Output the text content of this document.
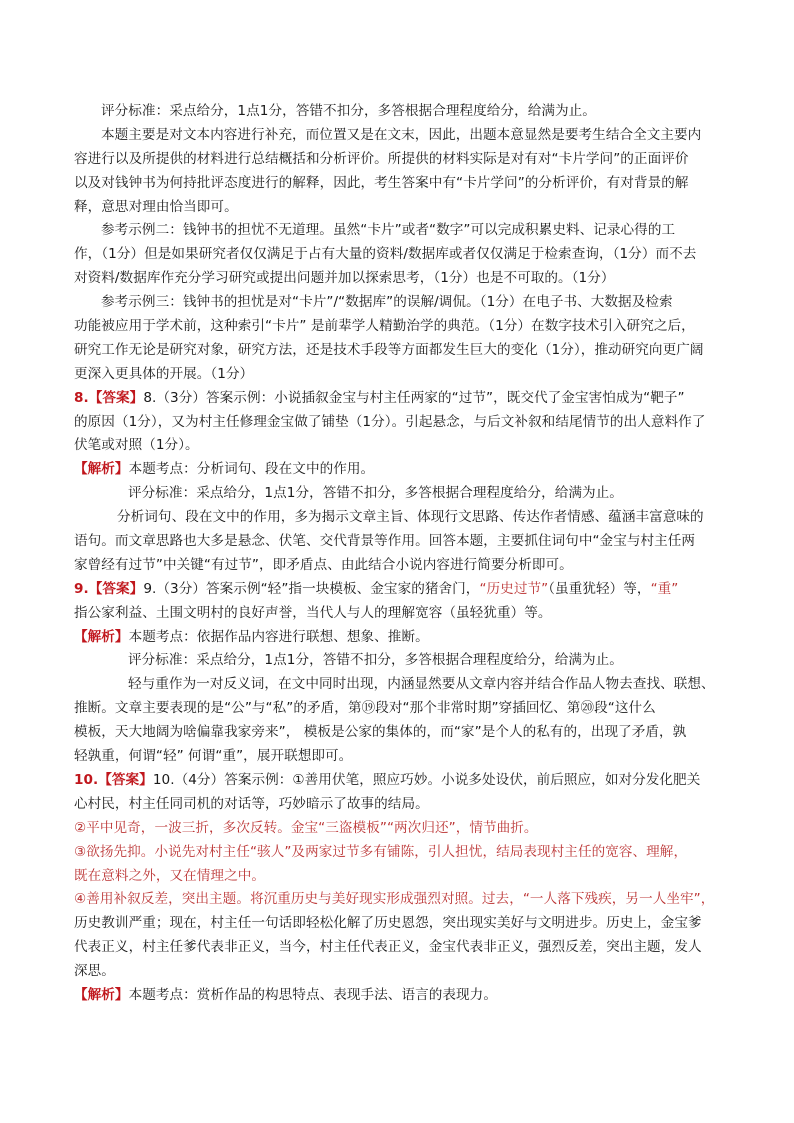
评分标准：采点给分，1点1分，答错不扣分，多答根据合理程度给分，给满为止。
本题主要是对文本内容进行补充，而位置又是在文末，因此，出题本意显然是要考生结合全文主要内
容进行以及所提供的材料进行总结概括和分析评价。所提供的材料实际是对有对“卡片学问”的正面评价
以及对钱钟书为何持批评态度进行的解释，因此，考生答案中有“卡片学问”的分析评价，有对背景的解
释，意思对理由恰当即可。
参考示例二：钱钟书的担忧不无道理。虽然“卡片”或者“数字”可以完成积累史料、记录心得的工
作，（1分）但是如果研究者仅仅满足于占有大量的资料/数据库或者仅仅满足于检索查询，（1分）而不去
对资料/数据库作充分学习研究或提出问题并加以探索思考，（1分）也是不可取的。（1分）
参考示例三：钱钟书的担忧是对“卡片”/“数据库”的误解/调侃。（1分）在电子书、大数据及检索
功能被应用于学术前，这种索引“卡片” 是前辈学人精勤治学的典范。（1分）在数字技术引入研究之后，
研究工作无论是研究对象，研究方法，还是技术手段等方面都发生巨大的变化（1分），推动研究向更广阔
更深入更具体的开展。（1分）
8.【答案】8.（3分）答案示例：小说插叙金宝与村主任两家的“过节”，既交代了金宝害怕成为“靶子”
的原因（1分），又为村主任修理金宝做了铺垫（1分）。引起悬念，与后文补叙和结尾情节的出人意料作了
伏笔或对照（1分）。
【解析】本题考点：分析词句、段在文中的作用。
评分标准：采点给分，1点1分，答错不扣分，多答根据合理程度给分，给满为止。
分析词句、段在文中的作用，多为揭示文章主旨、体现行文思路、传达作者情感、蕴涵丰富意味的
语句。而文章思路也大多是悬念、伏笔、交代背景等作用。回答本题，主要抓住词句中“金宝与村主任两
家曾经有过节”中关键“有过节”，即矛盾点、由此结合小说内容进行简要分析即可。
9.【答案】9.（3分）答案示例“轻”指一块模板、金宝家的猪舍门，“历史过节”（虽重犹轻）等，“重”
指公家利益、土围文明村的良好声誉，当代人与人的理解宽容（虽轻犹重）等。
【解析】本题考点：依据作品内容进行联想、想象、推断。
评分标准：采点给分，1点1分，答错不扣分，多答根据合理程度给分，给满为止。
轻与重作为一对反义词，在文中同时出现，内涵显然要从文章内容并结合作品人物去查找、联想、
推断。文章主要表现的是“公”与“私”的矛盾，第⑲段对“那个非常时期”穿插回忆、第⑳段“这什么
模板，天大地阔为啥偏靠我家旁来”， 模板是公家的集体的，而“家”是个人的私有的，出现了矛盾，孰
轻孰重，何谓“轻” 何谓“重”，展开联想即可。
10.【答案】10.（4分）答案示例：①善用伏笔，照应巧妙。小说多处设伏，前后照应，如对分发化肥关
心村民，村主任同司机的对话等，巧妙暗示了故事的结局。
②平中见奇，一波三折，多次反转。金宝“三盗模板”“两次归还”，情节曲折。
③欲扬先抑。小说先对村主任“骇人”及两家过节多有铺陈，引人担忧，结局表现村主任的宽容、理解，
既在意料之外，又在情理之中。
④善用补叙反差，突出主题。将沉重历史与美好现实形成强烈对照。过去，“一人落下残疾，另一人坐牢”，
历史教训严重；现在，村主任一句话即轻松化解了历史恩怨，突出现实美好与文明进步。历史上，金宝爹
代表正义，村主任爹代表非正义，当今，村主任代表正义，金宝代表非正义，强烈反差，突出主题，发人
深思。
【解析】本题考点：赏析作品的构思特点、表现手法、语言的表现力。
